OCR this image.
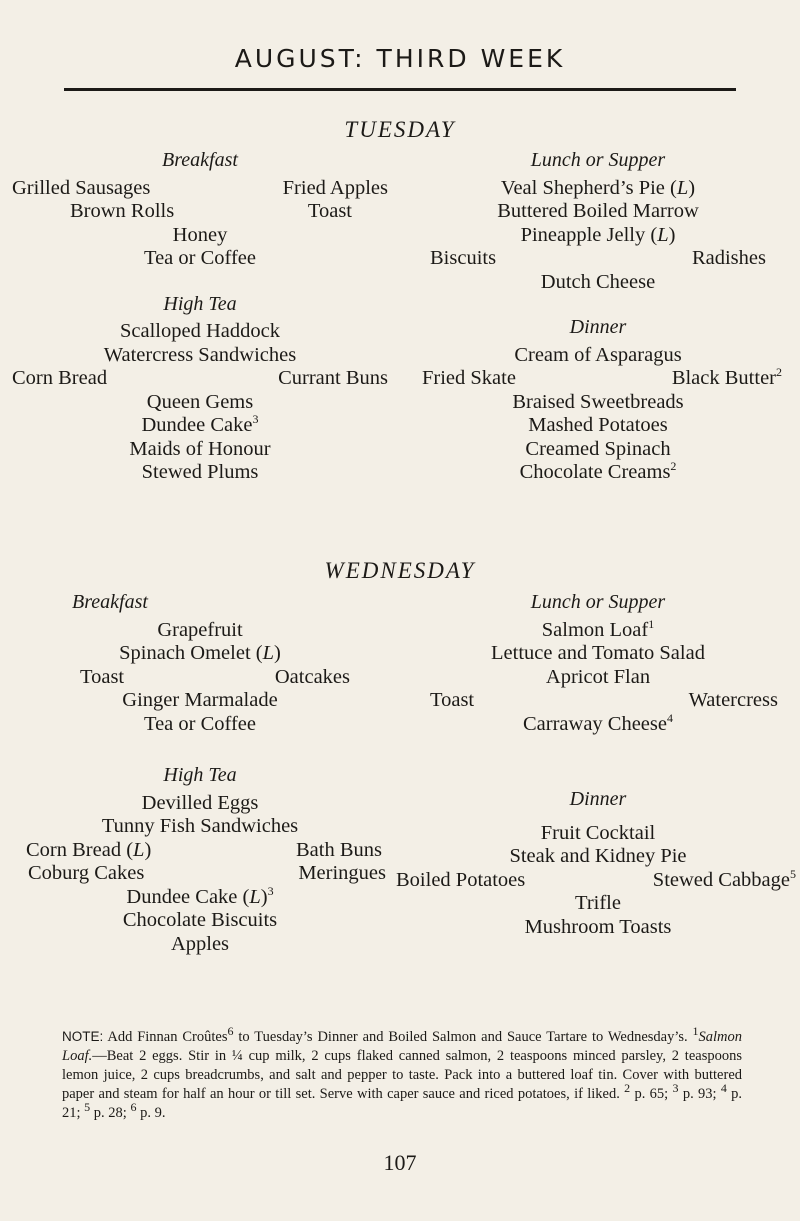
AUGUST: THIRD WEEK
TUESDAY
Breakfast
Grilled Sausages	Fried Apples
Brown Rolls	Toast
Honey
Tea or Coffee
High Tea
Scalloped Haddock
Watercress Sandwiches
Corn Bread	Currant Buns
Queen Gems
Dundee Cake$^3$
Maids of Honour
Stewed Plums
Lunch or Supper
Veal Shepherd’s Pie (L)
Buttered Boiled Marrow
Pineapple Jelly (L)
Biscuits	Radishes
Dutch Cheese
Dinner
Cream of Asparagus
Fried Skate	Black Butter$^2$
Braised Sweetbreads
Mashed Potatoes
Creamed Spinach
Chocolate Creams$^2$
WEDNESDAY
Breakfast
Grapefruit
Spinach Omelet (L)
Toast	Oatcakes
Ginger Marmalade
Tea or Coffee
High Tea
Devilled Eggs
Tunny Fish Sandwiches
Corn Bread (L)	Bath Buns
Coburg Cakes	Meringues
Dundee Cake $(L)^3$
Chocolate Biscuits
Apples
Lunch or Supper
Salmon Loaf$^1$
Lettuce and Tomato Salad
Apricot Flan
Toast	Watercress
Carraway Cheese$^4$
Dinner
Fruit Cocktail
Steak and Kidney Pie
Boiled Potatoes	Stewed Cabbage$^5$
Trifle
Mushroom Toasts
NOTE: Add Finnan Croûtes$^6$ to Tuesday’s Dinner and Boiled Salmon and Sauce Tartare to Wednesday’s. $^1$Salmon Loaf.—Beat 2 eggs. Stir in ¼ cup milk, 2 cups flaked canned salmon, 2 teaspoons minced parsley, 2 teaspoons lemon juice, 2 cups breadcrumbs, and salt and pepper to taste. Pack into a buttered loaf tin. Cover with buttered paper and steam for half an hour or till set. Serve with caper sauce and riced potatoes, if liked. $^2$ p. 65; $^3$ p. 93; $^4$ p. 21; $^5$ p. 28; $^6$ p. 9.
107
